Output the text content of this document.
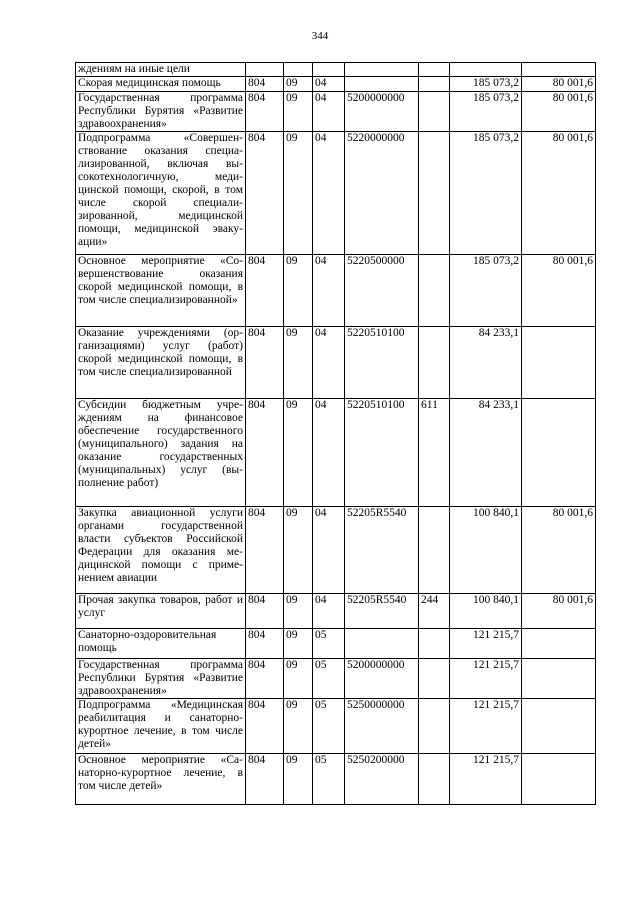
344
ждениям на иные цели							
Скорая медицинская помощь	804	09	04			185 073,2	80 001,6
Государственная программа Республики Бурятия «Развитие здравоохранения»	804	09	04	5200000000		185 073,2	80 001,6
Подпрограмма «Совершенствование оказания специализированной, включая высокотехнологичную, медицинской помощи, скорой, в том числе скорой специализированной, медицинской помощи, медицинской эвакуации»	804	09	04	5220000000		185 073,2	80 001,6
Основное мероприятие «Совершенствование оказания скорой медицинской помощи, в том числе специализированной»	804	09	04	5220500000		185 073,2	80 001,6
Оказание учреждениями (организациями) услуг (работ) скорой медицинской помощи, в том числе специализированной	804	09	04	5220510100		84 233,1	
Субсидии бюджетным учреждениям на финансовое обеспечение государственного (муниципального) задания на оказание государственных (муниципальных) услуг (выполнение работ)	804	09	04	5220510100	611	84 233,1	
Закупка авиационной услуги органами государственной власти субъектов Российской Федерации для оказания медицинской помощи с применением авиации	804	09	04	52205R5540		100 840,1	80 001,6
Прочая закупка товаров, работ и услуг	804	09	04	52205R5540	244	100 840,1	80 001,6
Санаторно-оздоровительная помощь	804	09	05			121 215,7	
Государственная программа Республики Бурятия «Развитие здравоохранения»	804	09	05	5200000000		121 215,7	
Подпрограмма «Медицинская реабилитация и санаторно-курортное лечение, в том числе детей»	804	09	05	5250000000		121 215,7	
Основное мероприятие «Санаторно-курортное лечение, в том числе детей»	804	09	05	5250200000		121 215,7	
